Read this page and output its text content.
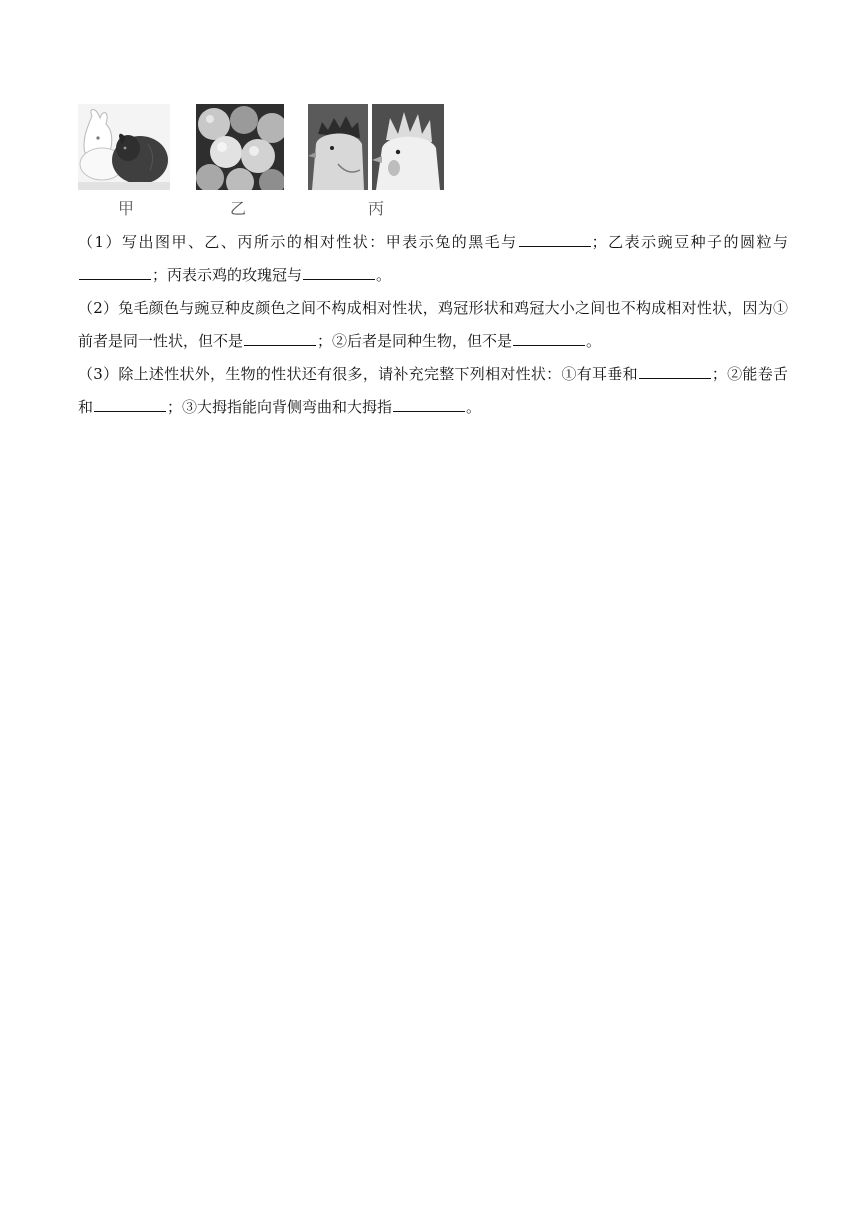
甲	乙	丙

（1）写出图甲、乙、丙所示的相对性状：甲表示兔的黑毛与	；乙表示豌豆种子的圆粒与；丙表示鸡的玫瑰冠与	。

（2）兔毛颜色与豌豆种皮颜色之间不构成相对性状，鸡冠形状和鸡冠大小之间也不构成相对性状，因为①前者是同一性状，但不是	；②后者是同种生物，但不是	。

（3）除上述性状外，生物的性状还有很多，请补充完整下列相对性状：①有耳垂和	；②能卷舌和	；③大拇指能向背侧弯曲和大拇指	。
